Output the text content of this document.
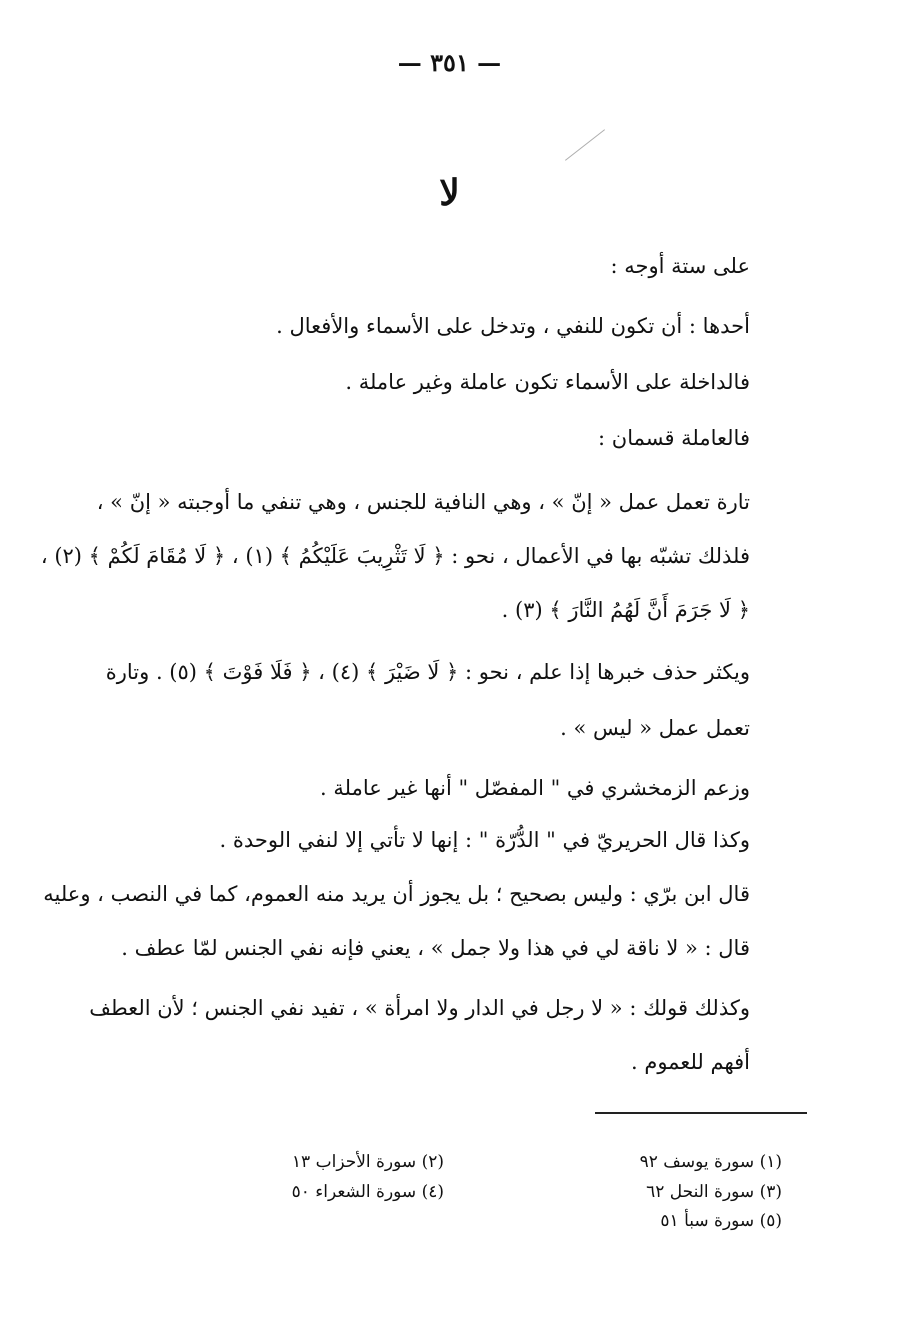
— ٣٥١ —
لا
على ستة أوجه :
أحدها : أن تكون للنفي ، وتدخل على الأسماء والأفعال .
فالداخلة على الأسماء تكون عاملة وغير عاملة .
فالعاملة قسمان :
تارة تعمل عمل « إنّ » ، وهي النافية للجنس ، وهي تنفي ما أوجبته « إنّ » ،
فلذلك تشبّه بها في الأعمال ، نحو : ﴿ لَا تَثْرِيبَ عَلَيْكُمُ ﴾ (١) ، ﴿ لَا مُقَامَ لَكُمْ ﴾ (٢) ،
﴿ لَا جَرَمَ أَنَّ لَهُمُ النَّارَ ﴾ (٣) .
ويكثر حذف خبرها إذا علم ، نحو : ﴿ لَا ضَيْرَ ﴾ (٤) ، ﴿ فَلَا فَوْتَ ﴾ (٥) . وتارة
تعمل عمل « ليس » .
وزعم الزمخشري في " المفصّل " أنها غير عاملة .
وكذا قال الحريريّ في " الدُّرّة " : إنها لا تأتي إلا لنفي الوحدة .
قال ابن برّي : وليس بصحيح ؛ بل يجوز أن يريد منه العموم، كما في النصب ، وعليه
قال : « لا ناقة لي في هذا ولا جمل » ، يعني فإنه نفي الجنس لمّا عطف .
وكذلك قولك : « لا رجل في الدار ولا امرأة » ، تفيد نفي الجنس ؛ لأن العطف
أفهم للعموم .
(١) سورة يوسف ٩٢
(٢) سورة الأحزاب ١٣
(٣) سورة النحل ٦٢
(٤) سورة الشعراء ٥٠
(٥) سورة سبأ ٥١
